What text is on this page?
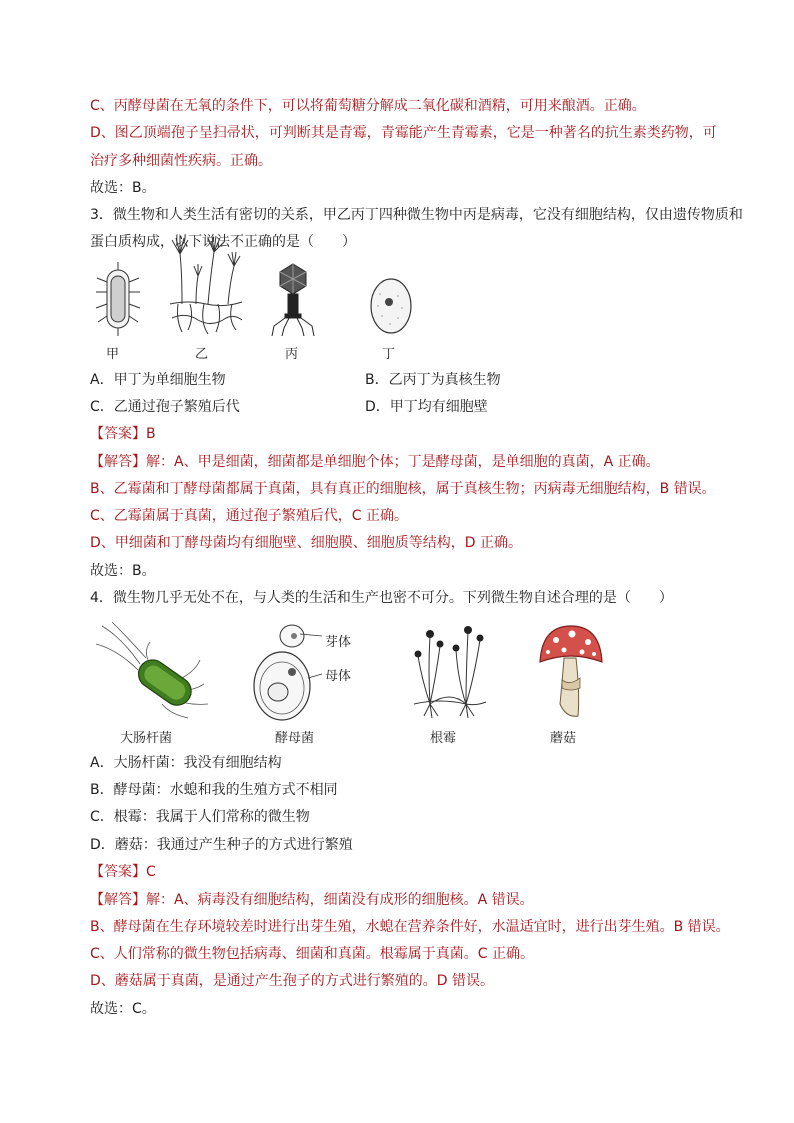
C、丙酵母菌在无氧的条件下，可以将葡萄糖分解成二氧化碳和酒精，可用来酿酒。正确。
D、图乙顶端孢子呈扫帚状，可判断其是青霉，青霉能产生青霉素，它是一种著名的抗生素类药物，可
治疗多种细菌性疾病。正确。
故选：B。
3．微生物和人类生活有密切的关系，甲乙丙丁四种微生物中丙是病毒，它没有细胞结构，仅由遗传物质和
蛋白质构成，以下说法不正确的是（　　）
甲	乙	丙	丁
A．甲丁为单细胞生物	B．乙丙丁为真核生物
C．乙通过孢子繁殖后代	D．甲丁均有细胞壁
【答案】B
【解答】解：A、甲是细菌，细菌都是单细胞个体；丁是酵母菌，是单细胞的真菌，A 正确。
B、乙霉菌和丁酵母菌都属于真菌，具有真正的细胞核，属于真核生物；丙病毒无细胞结构，B 错误。
C、乙霉菌属于真菌，通过孢子繁殖后代，C 正确。
D、甲细菌和丁酵母菌均有细胞壁、细胞膜、细胞质等结构，D 正确。
故选：B。
4．微生物几乎无处不在，与人类的生活和生产也密不可分。下列微生物自述合理的是（　　）
芽体
母体
大肠杆菌	酵母菌	根霉	蘑菇
A．大肠杆菌：我没有细胞结构
B．酵母菌：水螅和我的生殖方式不相同
C．根霉：我属于人们常称的微生物
D．蘑菇：我通过产生种子的方式进行繁殖
【答案】C
【解答】解：A、病毒没有细胞结构，细菌没有成形的细胞核。A 错误。
B、酵母菌在生存环境较差时进行出芽生殖，水螅在营养条件好，水温适宜时，进行出芽生殖。B 错误。
C、人们常称的微生物包括病毒、细菌和真菌。根霉属于真菌。C 正确。
D、蘑菇属于真菌，是通过产生孢子的方式进行繁殖的。D 错误。
故选：C。
